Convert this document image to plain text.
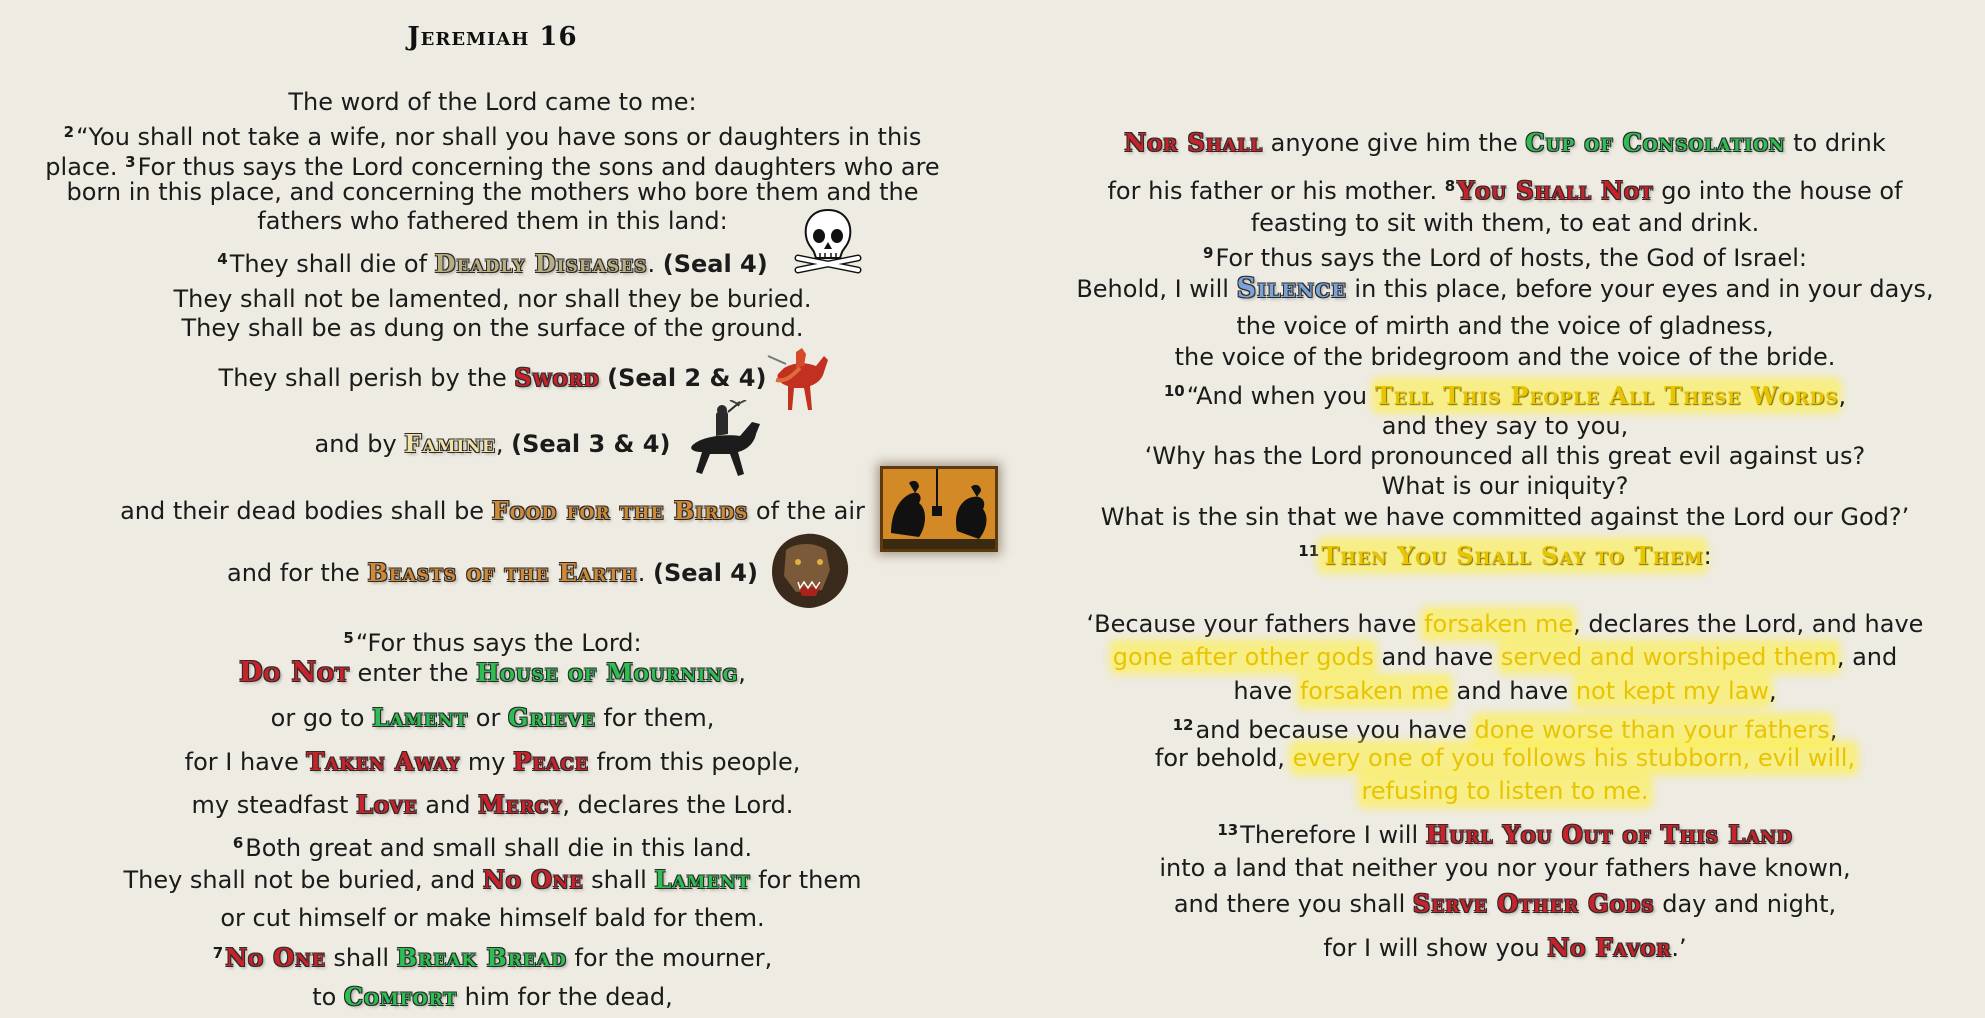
Jeremiah 16
The word of the Lord came to me:
$^2$“You shall not take a wife, nor shall you have sons or daughters in this
place. $^3$For thus says the Lord concerning the sons and daughters who are
born in this place, and concerning the mothers who bore them and the
fathers who fathered them in this land:
$^4$They shall die of Deadly Diseases. (Seal 4)
They shall not be lamented, nor shall they be buried.
They shall be as dung on the surface of the ground.
They shall perish by the Sword (Seal 2 & 4)
and by Famine, (Seal 3 & 4)
and their dead bodies shall be Food for the Birds of the air
and for the Beasts of the Earth. (Seal 4)
$^5$“For thus says the Lord:
Do Not enter the House of Mourning,
or go to Lament or Grieve for them,
for I have Taken Away my Peace from this people,
my steadfast Love and Mercy, declares the Lord.
$^6$Both great and small shall die in this land.
They shall not be buried, and No One shall Lament for them
or cut himself or make himself bald for them.
$^7$No One shall Break Bread for the mourner,
to Comfort him for the dead,
Nor Shall anyone give him the Cup of Consolation to drink
for his father or his mother. $^8$You Shall Not go into the house of
feasting to sit with them, to eat and drink.
$^9$For thus says the Lord of hosts, the God of Israel:
Behold, I will Silence in this place, before your eyes and in your days,
the voice of mirth and the voice of gladness,
the voice of the bridegroom and the voice of the bride.
$^{10}$“And when you Tell This People All These Words,
and they say to you,
‘Why has the Lord pronounced all this great evil against us?
What is our iniquity?
What is the sin that we have committed against the Lord our God?’
$^{11}$Then You Shall Say to Them:
‘Because your fathers have forsaken me, declares the Lord, and have
gone after other gods and have served and worshiped them, and
have forsaken me and have not kept my law,
$^{12}$and because you have done worse than your fathers,
for behold, every one of you follows his stubborn, evil will,
refusing to listen to me.
$^{13}$Therefore I will Hurl You Out of This Land
into a land that neither you nor your fathers have known,
and there you shall Serve Other Gods day and night,
for I will show you No Favor.’
